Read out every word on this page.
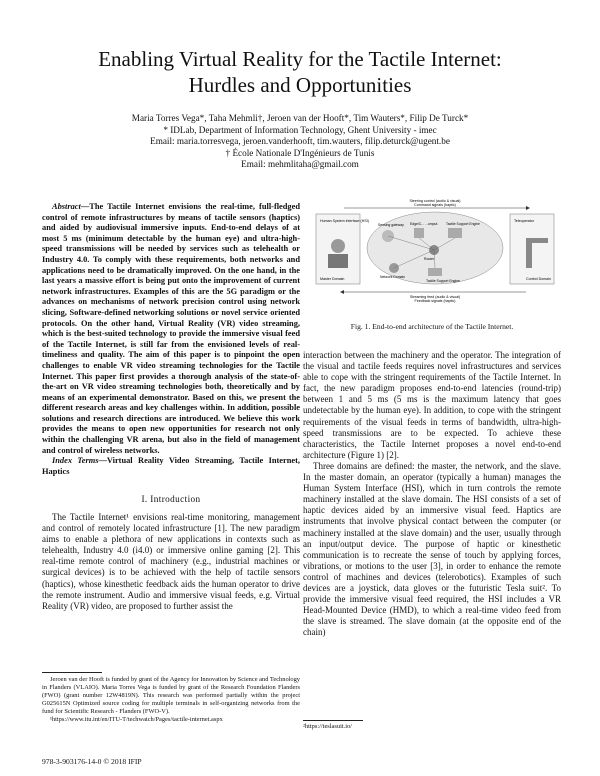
Enabling Virtual Reality for the Tactile Internet:
Hurdles and Opportunities
Maria Torres Vega*, Taha Mehmli†, Jeroen van der Hooft*, Tim Wauters*, Filip De Turck*
* IDLab, Department of Information Technology, Ghent University - imec
Email: maria.torresvega, jeroen.vanderhooft, tim.wauters, filip.deturck@ugent.be
† École Nationale D'Ingénieurs de Tunis
Email: mehmlitaha@gmail.com

Abstract—The Tactile Internet envisions the real-time, full-fledged control of remote infrastructures by means of tactile sensors (haptics) and aided by audiovisual immersive inputs. End-to-end delays of at most 5 ms (minimum detectable by the human eye) and ultra-high-speed transmissions will be needed by services such as telehealth or Industry 4.0. To comply with these requirements, both networks and applications need to be dramatically improved. On the one hand, in the last years a massive effort is being put onto the improvement of current network infrastructures. Examples of this are the 5G paradigm or the advances on mechanisms of network precision control using network slicing, Software-defined networking solutions or novel service oriented protocols. On the other hand, Virtual Reality (VR) video streaming, which is the best-suited technology to provide the immersive visual feed of the Tactile Internet, is still far from the envisioned levels of real-timeliness and quality. The aim of this paper is to pinpoint the open challenges to enable VR video streaming technologies for the Tactile Internet. This paper first provides a thorough analysis of the state-of-the-art on VR video streaming technologies both, theoretically and by means of an experimental demonstrator. Based on this, we present the different research areas and key challenges within. In addition, possible solutions and research directions are introduced. We believe this work provides the means to open new opportunities for research not only within the challenging VR arena, but also in the field of management and control of wireless networks.

Index Terms—Virtual Reality Video Streaming, Tactile Internet, Haptics

I. Introduction

The Tactile Internet¹ envisions real-time monitoring, management and control of remotely located infrastructure [1]. The new paradigm aims to enable a plethora of new applications in contexts such as telehealth, Industry 4.0 (i4.0) or immersive online gaming [2]. This real-time remote control of machinery (e.g., industrial machines or surgical devices) is to be achieved with the help of tactile sensors (haptics), whose kinesthetic feedback aids the human operator to drive the remote instrument. Audio and immersive visual feeds, e.g. Virtual Reality (VR) video, are proposed to further assist the

Jeroen van der Hooft is funded by grant of the Agency for Innovation by Science and Technology in Flanders (VLAIO). Maria Torres Vega is funded by grant of the Research Foundation Flanders (FWO) (grant number 12W4819N). This research was performed partially within the project G025615N Optimized source coding for multiple terminals in self-organizing networks from the fund for Scientific Research - Flanders (FWO-V).

¹https://www.itu.int/en/ITU-T/techwatch/Pages/tactile-internet.aspx

Steering control (audio & visual)
Command signals (haptic)
Human System Interface (HSI)
Master Domain
Sensing gateway Edge/C... ...omput. Tactile Support Engine
Router
Tactile Support Engine
Network Domain
Teleoperator
Control Domain
Streaming feed (audio & visual)
Feedback signals (haptic)
Fig. 1. End-to-end architecture of the Tactile Internet.

interaction between the machinery and the operator. The integration of the visual and tactile feeds requires novel infrastructures and services able to cope with the stringent requirements of the Tactile Internet. In fact, the new paradigm proposes end-to-end latencies (round-trip) between 1 and 5 ms (5 ms is the maximum latency that goes undetectable by the human eye). In addition, to cope with the stringent requirements of the visual feeds in terms of bandwidth, ultra-high-speed transmissions are to be expected. To achieve these characteristics, the Tactile Internet proposes a novel end-to-end architecture (Figure 1) [2].

Three domains are defined: the master, the network, and the slave. In the master domain, an operator (typically a human) manages the Human System Interface (HSI), which in turn controls the remote machinery installed at the slave domain. The HSI consists of a set of haptic devices aided by an immersive visual feed. Haptics are instruments that involve physical contact between the computer (or machinery installed at the slave domain) and the user, usually through an input/output device. The purpose of haptic or kinesthetic communication is to recreate the sense of touch by applying forces, vibrations, or motions to the user [3], in order to enhance the remote control of machines and devices (telerobotics). Examples of such devices are a joystick, data gloves or the futuristic Tesla suit². To provide the immersive visual feed required, the HSI includes a VR Head-Mounted Device (HMD), to which a real-time video feed from the slave is streamed. The slave domain (at the opposite end of the chain)

²https://teslasuit.io/
978-3-903176-14-0 © 2018 IFIP
